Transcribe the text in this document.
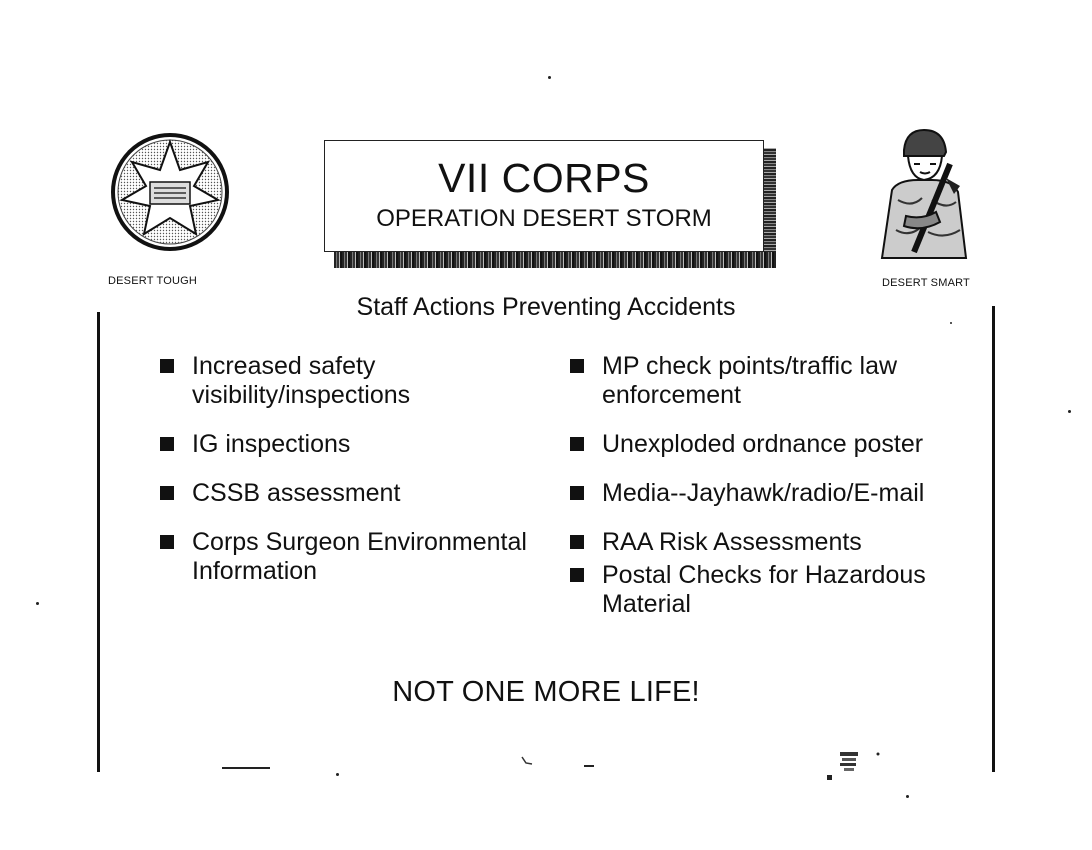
DESERT TOUGH	DESERT SMART
VII CORPS
OPERATION DESERT STORM
Staff Actions Preventing Accidents
Increased safety
visibility/inspections
IG inspections
CSSB assessment
Corps Surgeon Environmental
Information
MP check points/traffic law
enforcement
Unexploded ordnance poster
Media--Jayhawk/radio/E-mail
RAA Risk Assessments
Postal Checks for Hazardous
Material
NOT ONE MORE LIFE!
